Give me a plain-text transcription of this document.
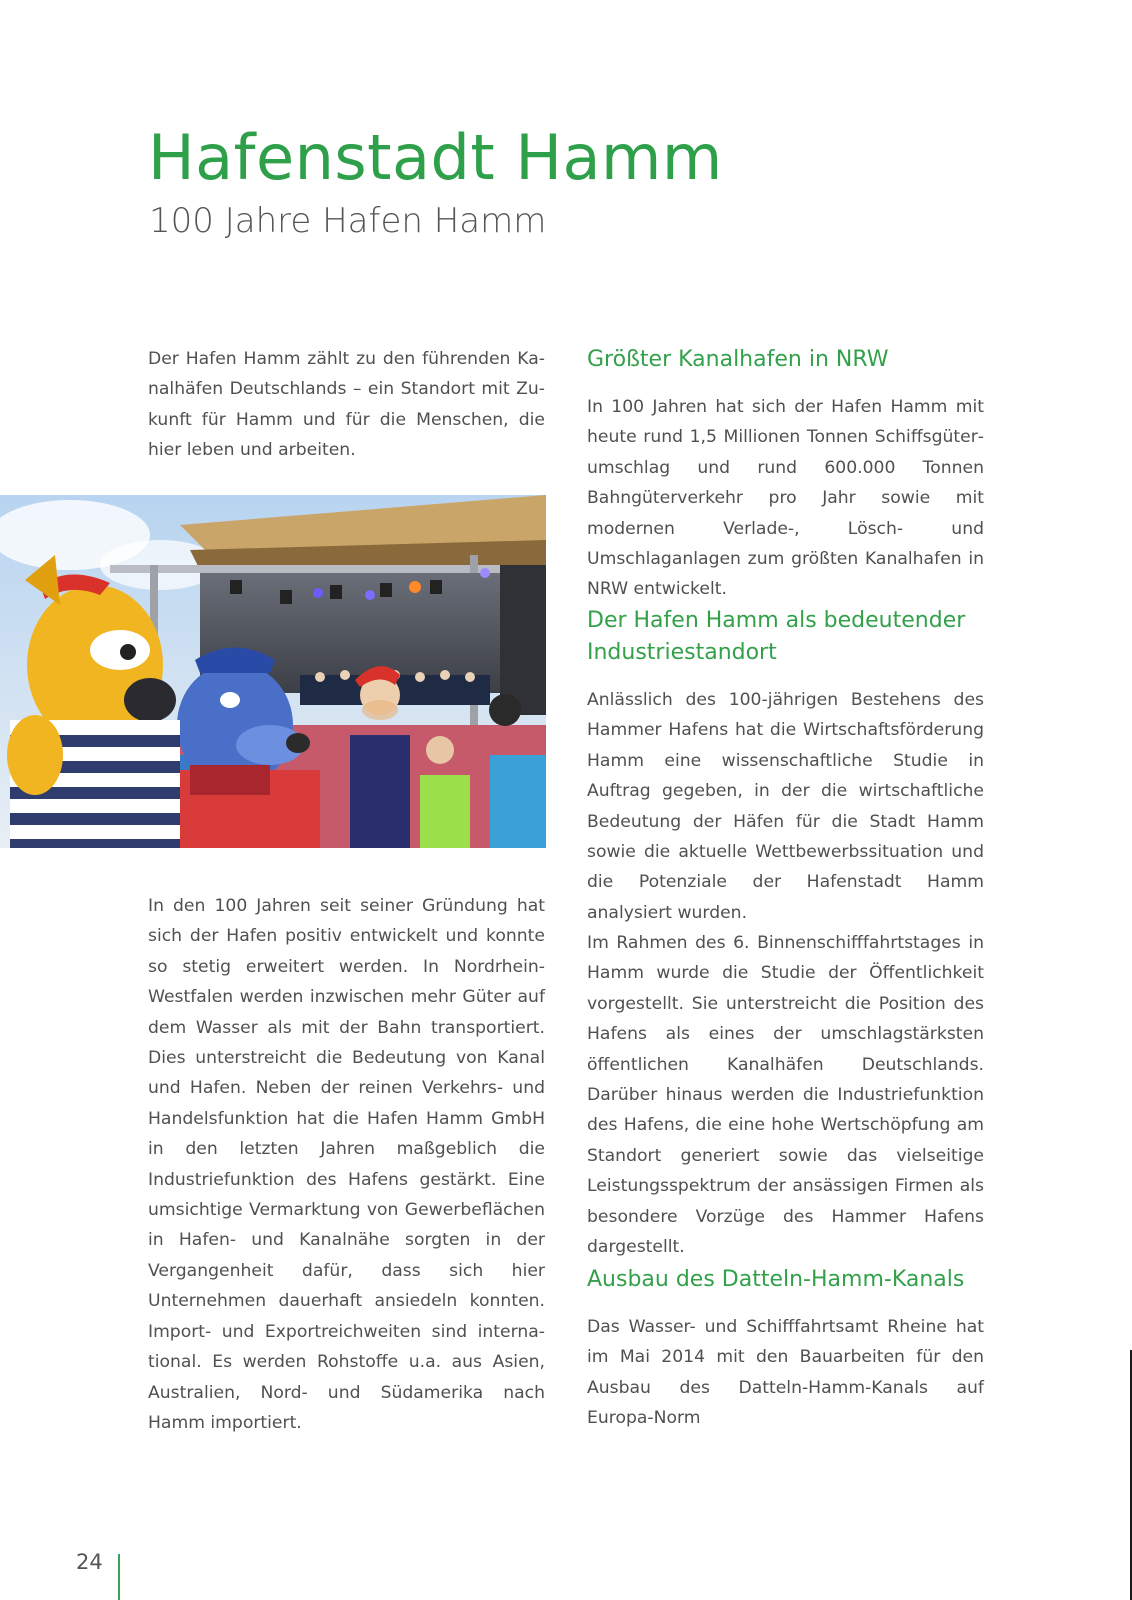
Hafenstadt Hamm
100 Jahre Hafen Hamm

Der Hafen Hamm zählt zu den führenden Kanalhäfen Deutschlands – ein Standort mit Zukunft für Hamm und für die Menschen, die hier leben und arbeiten.

In den 100 Jahren seit seiner Gründung hat sich der Hafen positiv entwickelt und konnte so stetig erweitert werden. In Nordrhein-Westfalen werden inzwischen mehr Güter auf dem Wasser als mit der Bahn transportiert. Dies unterstreicht die Bedeutung von Kanal und Hafen. Neben der reinen Verkehrs- und Handelsfunktion hat die Hafen Hamm GmbH in den letzten Jahren maßgeblich die Industriefunktion des Hafens gestärkt. Eine umsichtige Vermarktung von Gewerbeflächen in Hafen- und Kanalnähe sorgten in der Vergangenheit dafür, dass sich hier Unternehmen dauerhaft ansiedeln konnten. Import- und Exportreichweiten sind international. Es werden Rohstoffe u.a. aus Asien, Australien, Nord- und Südamerika nach Hamm importiert.

Größter Kanalhafen in NRW

In 100 Jahren hat sich der Hafen Hamm mit heute rund 1,5 Millionen Tonnen Schiffsgüterumschlag und rund 600.000 Tonnen Bahngüterverkehr pro Jahr sowie mit modernen Verlade-, Lösch- und Umschlaganlagen zum größten Kanalhafen in NRW entwickelt.

Der Hafen Hamm als bedeutender Industriestandort

Anlässlich des 100-jährigen Bestehens des Hammer Hafens hat die Wirtschaftsförderung Hamm eine wissenschaftliche Studie in Auftrag gegeben, in der die wirtschaftliche Bedeutung der Häfen für die Stadt Hamm sowie die aktuelle Wettbewerbssituation und die Potenziale der Hafenstadt Hamm analysiert wurden.

Im Rahmen des 6. Binnenschifffahrtstages in Hamm wurde die Studie der Öffentlichkeit vorgestellt. Sie unterstreicht die Position des Hafens als eines der umschlagstärksten öffentlichen Kanalhäfen Deutschlands. Darüber hinaus werden die Industriefunktion des Hafens, die eine hohe Wertschöpfung am Standort generiert sowie das vielseitige Leistungsspektrum der ansässigen Firmen als besondere Vorzüge des Hammer Hafens dargestellt.

Ausbau des Datteln-Hamm-Kanals

Das Wasser- und Schifffahrtsamt Rheine hat im Mai 2014 mit den Bauarbeiten für den Ausbau des Datteln-Hamm-Kanals auf Europa-Norm

24
